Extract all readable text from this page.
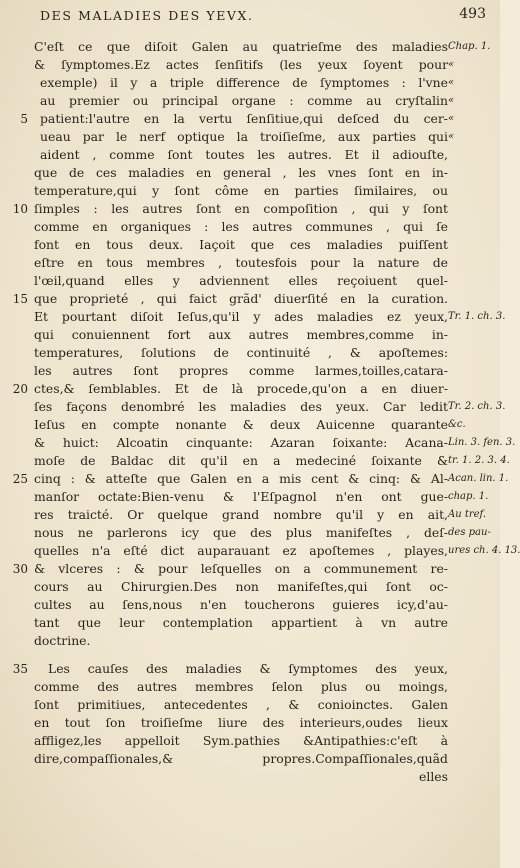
DES MALADIES DES YEVX.	493
C'eſt ce que diſoit Galen au quatrieſme des maladies
& ſymptomes.Ez actes ſenſitifs (les yeux ſoyent pour
exemple) il y a triple difference de ſymptomes : l'vne
au premier ou principal organe : comme au cryſtalin
patient:l'autre en la vertu ſenſitiue,qui deſced du cer-
ueau par le nerf optique la troiſieſme, aux parties qui
aident , comme ſont toutes les autres. Et il adiouſte,
que de ces maladies en general , les vnes ſont en in-
temperature,qui y ſont côme en parties ſimilaires, ou
ſimples : les autres ſont en compoſition , qui y ſont
comme en organiques : les autres communes , qui ſe
font en tous deux. Iaçoit que ces maladies puiſſent
eſtre en tous membres , toutesfois pour la nature de
l'œil,quand elles y adviennent elles reçoiuent quel-
que proprieté , qui faict grãd' diuerſité en la curation.
Et pourtant diſoit Ieſus,qu'il y ades maladies ez yeux,
qui conuiennent fort aux autres membres,comme in-
temperatures, ſolutions de continuité , & apoſtemes:
les autres ſont propres comme larmes,toilles,catara-
ctes,& ſemblables. Et de là procede,qu'on a en diuer-
ſes façons denombré les maladies des yeux. Car ledit
Ieſus en compte nonante & deux Auicenne quarante
& huict: Alcoatin cinquante: Azaran ſoixante: Acana-
moſe de Baldac dit qu'il en a medeciné ſoixante &
cinq : & atteſte que Galen en a mis cent & cinq: & Al-
manſor octate:Bien-venu & l'Eſpagnol n'en ont gue-
res traicté. Or quelque grand nombre qu'il y en ait,
nous ne parlerons icy que des plus manifeſtes , deſ-
quelles n'a eſté dict auparauant ez apoſtemes , playes,
& vlceres : & pour leſquelles on a communement re-
cours au Chirurgien.Des non manifeſtes,qui ſont oc-
cultes au ſens,nous n'en toucherons guieres icy,d'au-
tant que leur contemplation appartient à vn autre
doctrine.
Les cauſes des maladies & ſymptomes des yeux,
comme des autres membres ſelon plus ou moings,
ſont primitiues, antecedentes , & conioinctes. Galen
en tout ſon troiſieſme liure des interieurs,oudes lieux
affligez,les appelloit Sym.pathies &Antipathies:c'eſt à
dire,compaſſionales,& propres.Compaſſionales,quãd
elles
5
10
15
20
25
30
35
Chap. 1.
«
«
«
«
«
Tr. 1. ch. 3.
Tr. 2. ch. 3.
&c.
Lin. 3. fen. 3.
tr. 1. 2. 3. 4.
Acan. lin. 1.
chap. 1.
Au tref.
des pau-
ures ch. 4. 13.
